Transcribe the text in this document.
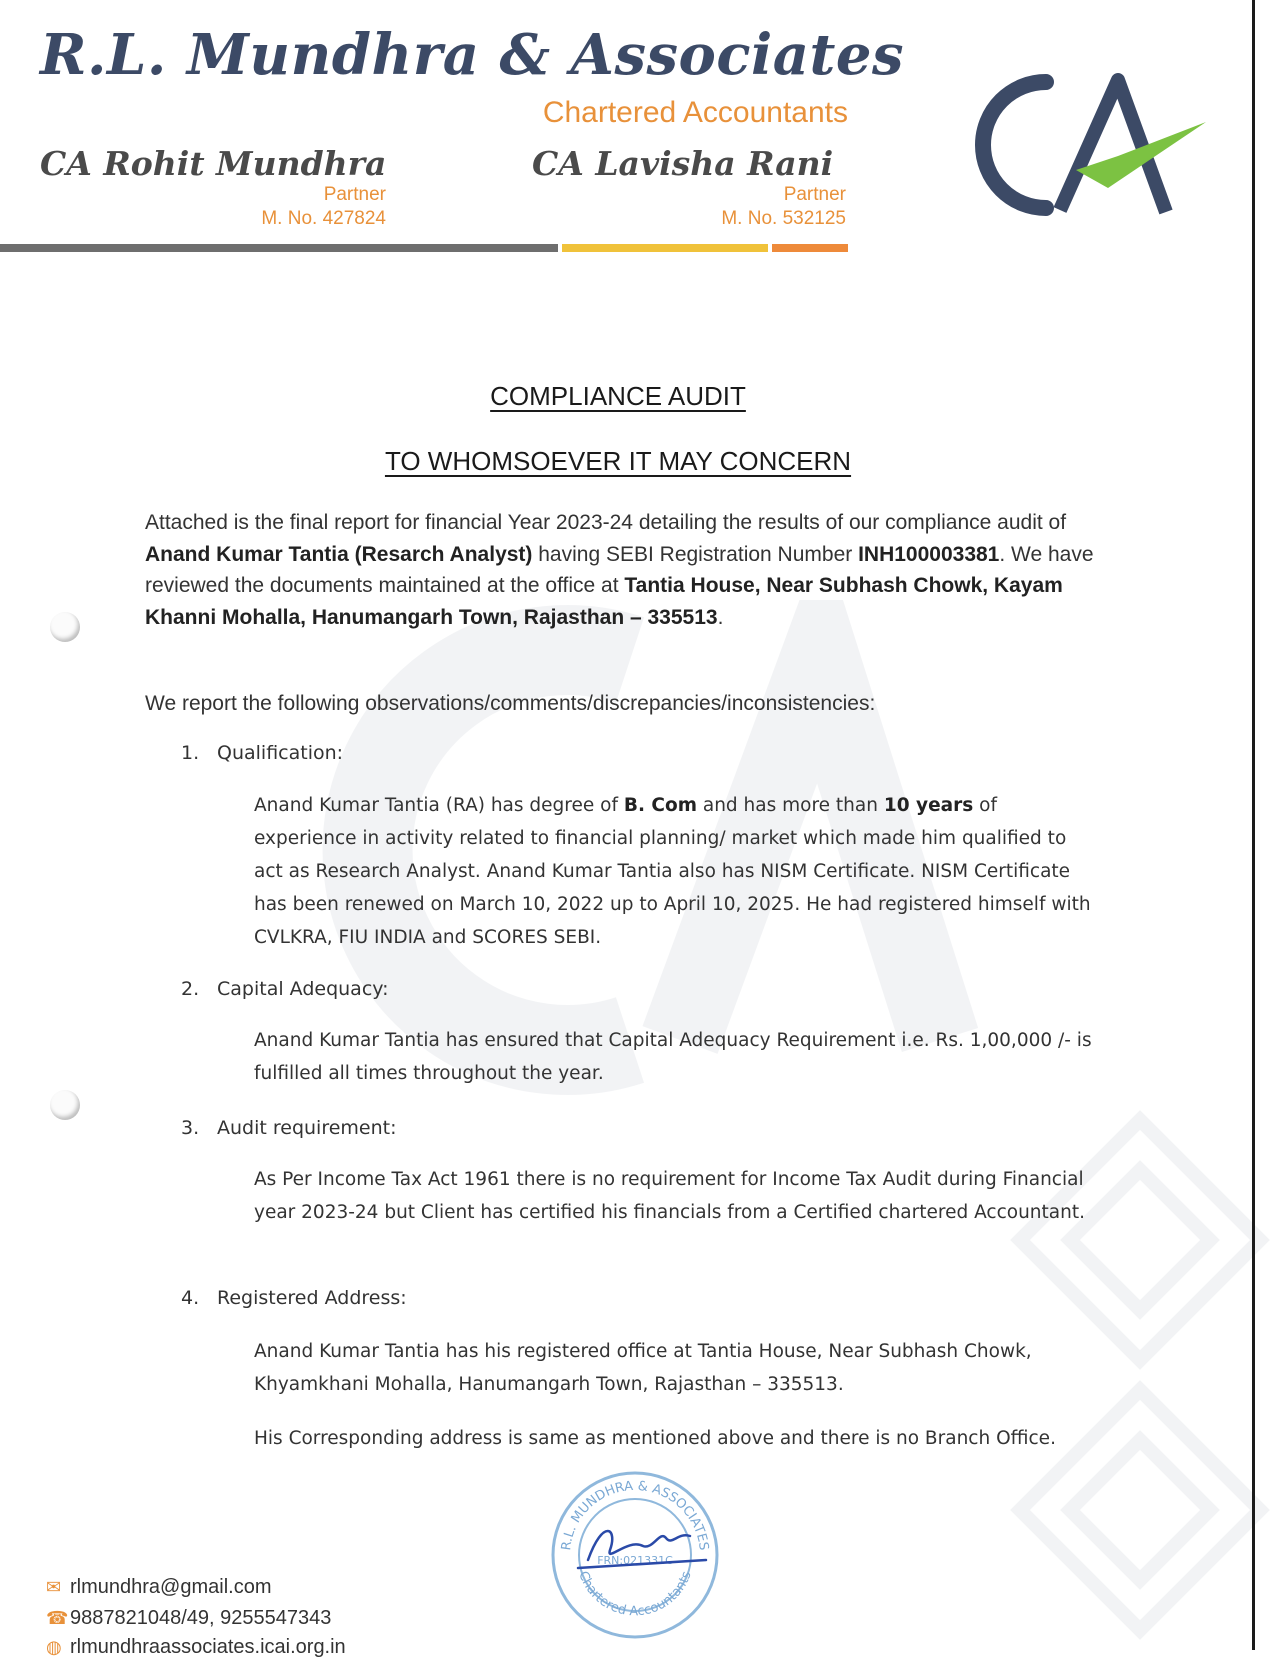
R.L. Mundhra & Associates
Chartered Accountants
CA Rohit Mundhra
Partner
M. No. 427824
CA Lavisha Rani
Partner
M. No. 532125
COMPLIANCE AUDIT
TO WHOMSOEVER IT MAY CONCERN
Attached is the final report for financial Year 2023-24 detailing the results of our compliance audit of Anand Kumar Tantia (Resarch Analyst) having SEBI Registration Number INH100003381. We have reviewed the documents maintained at the office at Tantia House, Near Subhash Chowk, Kayam Khanni Mohalla, Hanumangarh Town, Rajasthan – 335513.
We report the following observations/comments/discrepancies/inconsistencies:
1. Qualification:
Anand Kumar Tantia (RA) has degree of B. Com and has more than 10 years of experience in activity related to financial planning/ market which made him qualified to act as Research Analyst. Anand Kumar Tantia also has NISM Certificate. NISM Certificate has been renewed on March 10, 2022 up to April 10, 2025. He had registered himself with CVLKRA, FIU INDIA and SCORES SEBI.
2. Capital Adequacy:
Anand Kumar Tantia has ensured that Capital Adequacy Requirement i.e. Rs. 1,00,000 /- is fulfilled all times throughout the year.
3. Audit requirement:
As Per Income Tax Act 1961 there is no requirement for Income Tax Audit during Financial year 2023-24 but Client has certified his financials from a Certified chartered Accountant.
4. Registered Address:
Anand Kumar Tantia has his registered office at Tantia House, Near Subhash Chowk, Khyamkhani Mohalla, Hanumangarh Town, Rajasthan – 335513.
His Corresponding address is same as mentioned above and there is no Branch Office.
R.L. MUNDHRA & ASSOCIATES
Chartered Accountants
FRN:021331C
✉ rlmundhra@gmail.com
☎9887821048/49, 9255547343
◍ rlmundhraassociates.icai.org.in
